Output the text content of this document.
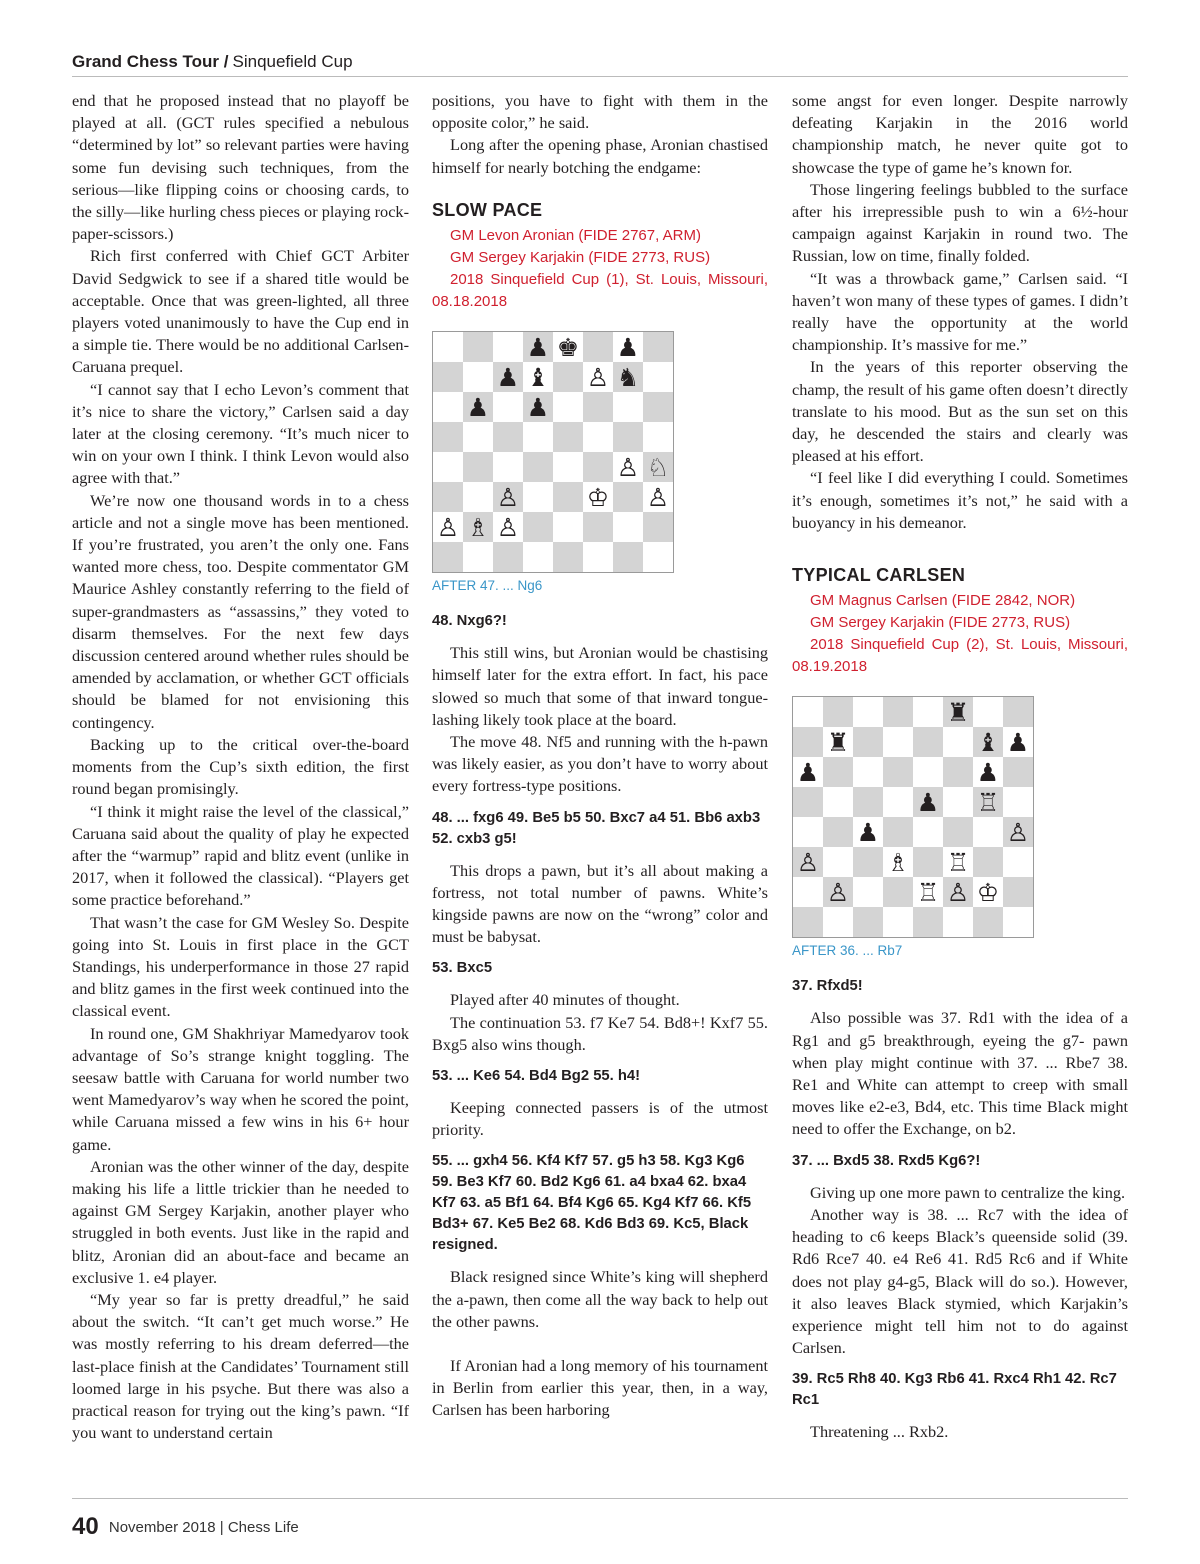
Grand Chess Tour / Sinquefield Cup

end that he proposed instead that no playoff be played at all. (GCT rules specified a nebulous “determined by lot” so relevant parties were having some fun devising such techniques, from the serious—like flipping coins or choosing cards, to the silly—like hurling chess pieces or playing rock-paper-scissors.)

Rich first conferred with Chief GCT Arbiter David Sedgwick to see if a shared title would be acceptable. Once that was green-lighted, all three players voted unanimously to have the Cup end in a simple tie. There would be no additional Carlsen-Caruana prequel.

“I cannot say that I echo Levon’s comment that it’s nice to share the victory,” Carlsen said a day later at the closing ceremony. “It’s much nicer to win on your own I think. I think Levon would also agree with that.”

We’re now one thousand words in to a chess article and not a single move has been mentioned. If you’re frustrated, you aren’t the only one. Fans wanted more chess, too. Despite commentator GM Maurice Ashley constantly referring to the field of super-grandmasters as “assassins,” they voted to disarm themselves. For the next few days discussion centered around whether rules should be amended by acclamation, or whether GCT officials should be blamed for not envisioning this contingency.

Backing up to the critical over-the-board moments from the Cup’s sixth edition, the first round began promisingly.

“I think it might raise the level of the classical,” Caruana said about the quality of play he expected after the “warmup” rapid and blitz event (unlike in 2017, when it followed the classical). “Players get some practice beforehand.”

That wasn’t the case for GM Wesley So. Despite going into St. Louis in first place in the GCT Standings, his underperformance in those 27 rapid and blitz games in the first week continued into the classical event.

In round one, GM Shakhriyar Mamedyarov took advantage of So’s strange knight toggling. The seesaw battle with Caruana for world number two went Mamedyarov’s way when he scored the point, while Caruana missed a few wins in his 6+ hour game.

Aronian was the other winner of the day, despite making his life a little trickier than he needed to against GM Sergey Karjakin, another player who struggled in both events. Just like in the rapid and blitz, Aronian did an about-face and became an exclusive 1. e4 player.

“My year so far is pretty dreadful,” he said about the switch. “It can’t get much worse.” He was mostly referring to his dream deferred—the last-place finish at the Candidates’ Tournament still loomed large in his psyche. But there was also a practical reason for trying out the king’s pawn. “If you want to understand certain

positions, you have to fight with them in the opposite color,” he said.

Long after the opening phase, Aronian chastised himself for nearly botching the endgame:

SLOW PACE

GM Levon Aronian (FIDE 2767, ARM)

GM Sergey Karjakin (FIDE 2773, RUS)

2018 Sinquefield Cup (1), St. Louis, Missouri, 08.18.2018

♟ ♚ ♟
♟ ♝ ♙ ♞
♟ ♟
♙ ♘
♙	♔ ♙
♙ ♗ ♙
AFTER 47. ... Ng6
48. Nxg6?!

This still wins, but Aronian would be chastising himself later for the extra effort. In fact, his pace slowed so much that some of that inward tongue-lashing likely took place at the board.

The move 48. Nf5 and running with the h-pawn was likely easier, as you don’t have to worry about every fortress-type positions.

48. ... fxg6 49. Be5 b5 50. Bxc7 a4 51. Bb6 axb3 52. cxb3 g5!

This drops a pawn, but it’s all about making a fortress, not total number of pawns. White’s kingside pawns are now on the “wrong” color and must be babysat.

53. Bxc5

Played after 40 minutes of thought.

The continuation 53. f7 Ke7 54. Bd8+! Kxf7 55. Bxg5 also wins though.

53. ... Ke6 54. Bd4 Bg2 55. h4!

Keeping connected passers is of the utmost priority.

55. ... gxh4 56. Kf4 Kf7 57. g5 h3 58. Kg3 Kg6 59. Be3 Kf7 60. Bd2 Kg6 61. a4 bxa4 62. bxa4 Kf7 63. a5 Bf1 64. Bf4 Kg6 65. Kg4 Kf7 66. Kf5 Bd3+ 67. Ke5 Be2 68. Kd6 Bd3 69. Kc5, Black resigned.

Black resigned since White’s king will shepherd the a-pawn, then come all the way back to help out the other pawns.

If Aronian had a long memory of his tournament in Berlin from earlier this year, then, in a way, Carlsen has been harboring

some angst for even longer. Despite narrowly defeating Karjakin in the 2016 world championship match, he never quite got to showcase the type of game he’s known for.

Those lingering feelings bubbled to the surface after his irrepressible push to win a 6½-hour campaign against Karjakin in round two. The Russian, low on time, finally folded.

“It was a throwback game,” Carlsen said. “I haven’t won many of these types of games. I didn’t really have the opportunity at the world championship. It’s massive for me.”

In the years of this reporter observing the champ, the result of his game often doesn’t directly translate to his mood. But as the sun set on this day, he descended the stairs and clearly was pleased at his effort.

“I feel like I did everything I could. Sometimes it’s enough, sometimes it’s not,” he said with a buoyancy in his demeanor.

TYPICAL CARLSEN

GM Magnus Carlsen (FIDE 2842, NOR)

GM Sergey Karjakin (FIDE 2773, RUS)

2018 Sinquefield Cup (2), St. Louis, Missouri, 08.19.2018

♜
♜	♝ ♟
♟	♟
♟ ♖
♟	♙
♙	♗ ♖
♙	♖ ♙ ♔
AFTER 36. ... Rb7
37. Rfxd5!

Also possible was 37. Rd1 with the idea of a Rg1 and g5 breakthrough, eyeing the g7- pawn when play might continue with 37. ... Rbe7 38. Re1 and White can attempt to creep with small moves like e2-e3, Bd4, etc. This time Black might need to offer the Exchange, on b2.

37. ... Bxd5 38. Rxd5 Kg6?!

Giving up one more pawn to centralize the king.

Another way is 38. ... Rc7 with the idea of heading to c6 keeps Black’s queenside solid (39. Rd6 Rce7 40. e4 Re6 41. Rd5 Rc6 and if White does not play g4-g5, Black will do so.). However, it also leaves Black stymied, which Karjakin’s experience might tell him not to do against Carlsen.

39. Rc5 Rh8 40. Kg3 Rb6 41. Rxc4 Rh1 42. Rc7 Rc1

Threatening ... Rxb2.

40 November 2018 | Chess Life
